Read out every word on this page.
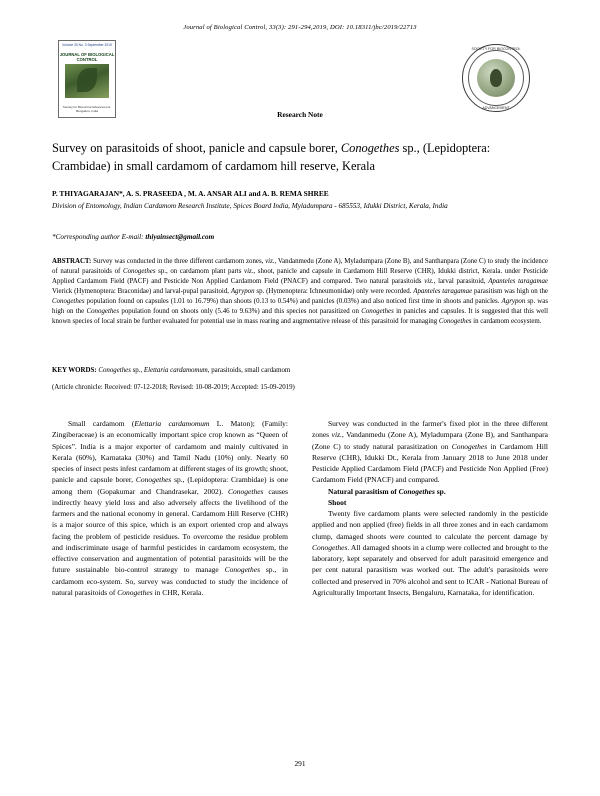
Journal of Biological Control, 33(3): 291-294,2019, DOI: 10.18311/jbc/2019/22713
Volume 33 No. 3 September 2019
JOURNAL OF BIOLOGICAL CONTROL
Society for Biocontrol Advancement, Bengaluru, India
SOCIETY FOR BIOCONTROL
ADVANCEMENT
Research Note
Survey on parasitoids of shoot, panicle and capsule borer, Conogethes sp., (Lepidoptera: Crambidae) in small cardamom of cardamom hill reserve, Kerala
P. THIYAGARAJAN*, A. S. PRASEEDA , M. A. ANSAR ALI and A. B. REMA SHREE
Division of Entomology, Indian Cardamom Research Institute, Spices Board India, Myladumpara - 685553, Idukki District, Kerala, India
*Corresponding author E-mail: thiyainsect@gmail.com
ABSTRACT: Survey was conducted in the three different cardamom zones, viz., Vandanmedu (Zone A), Myladumpara (Zone B), and Santhanpara (Zone C) to study the incidence of natural parasitoids of Conogethes sp., on cardamom plant parts viz., shoot, panicle and capsule in Cardamom Hill Reserve (CHR), Idukki district, Kerala. under Pesticide Applied Cardamom Field (PACF) and Pesticide Non Applied Cardamom Field (PNACF) and compared. Two natural parasitoids viz., larval parasitoid, Apanteles taragamae Vierick (Hymenoptera: Braconidae) and larval-pupal parasitoid, Agrypon sp. (Hymenoptera: Ichneumonidae) only were recorded. Apanteles taragamae parasitism was high on the Conogethes population found on capsules (1.01 to 16.79%) than shoots (0.13 to 0.54%) and panicles (0.03%) and also noticed first time in shoots and panicles. Agrypon sp. was high on the Conogethes population found on shoots only (5.46 to 9.63%) and this species not parasitized on Conogethes in panicles and capsules. It is suggested that this well known species of local strain be further evaluated for potential use in mass rearing and augmentative release of this parasitoid for managing Conogethes in cardamom ecosystem.
KEY WORDS: Conogethes sp., Elettaria cardamomum, parasitoids, small cardamom
(Article chronicle: Received: 07-12-2018; Revised: 10-08-2019; Accepted: 15-09-2019)

Small cardamom (Elettaria cardamomum L. Maton); (Family: Zingiberaceae) is an economically important spice crop known as “Queen of Spices”. India is a major exporter of cardamom and mainly cultivated in Kerala (60%), Karnataka (30%) and Tamil Nadu (10%) only. Nearly 60 species of insect pests infest cardamom at different stages of its growth; shoot, panicle and capsule borer, Conogethes sp., (Lepidoptera: Crambidae) is one among them (Gopakumar and Chandrasekar, 2002). Conogethes causes indirectly heavy yield loss and also adversely affects the livelihood of the farmers and the national economy in general. Cardamom Hill Reserve (CHR) is a major source of this spice, which is an export oriented crop and always facing the problem of pesticide residues. To overcome the residue problem and indiscriminate usage of harmful pesticides in cardamom ecosystem, the effective conservation and augmentation of potential parasitoids will be the future sustainable bio-control strategy to manage Conogethes sp., in cardamom eco-system. So, survey was conducted to study the incidence of natural parasitoids of Conogethes in CHR, Kerala.

Survey was conducted in the farmer's fixed plot in the three different zones viz., Vandanmedu (Zone A), Myladumpara (Zone B), and Santhanpara (Zone C) to study natural parasitization on Conogethes in Cardamom Hill Reserve (CHR), Idukki Dt., Kerala from January 2018 to June 2018 under Pesticide Applied Cardamom Field (PACF) and Pesticide Non Applied (Free) Cardamom Field (PNACF) and compared.

Natural parasitism of Conogethes sp.

Shoot

Twenty five cardamom plants were selected randomly in the pesticide applied and non applied (free) fields in all three zones and in each cardamom clump, damaged shoots were counted to calculate the percent damage by Conogethes. All damaged shoots in a clump were collected and brought to the laboratory, kept separately and observed for adult parasitoid emergence and per cent natural parasitism was worked out. The adult's parasitoids were collected and preserved in 70% alcohol and sent to ICAR - National Bureau of Agriculturally Important Insects, Bengaluru, Karnataka, for identification.

291
